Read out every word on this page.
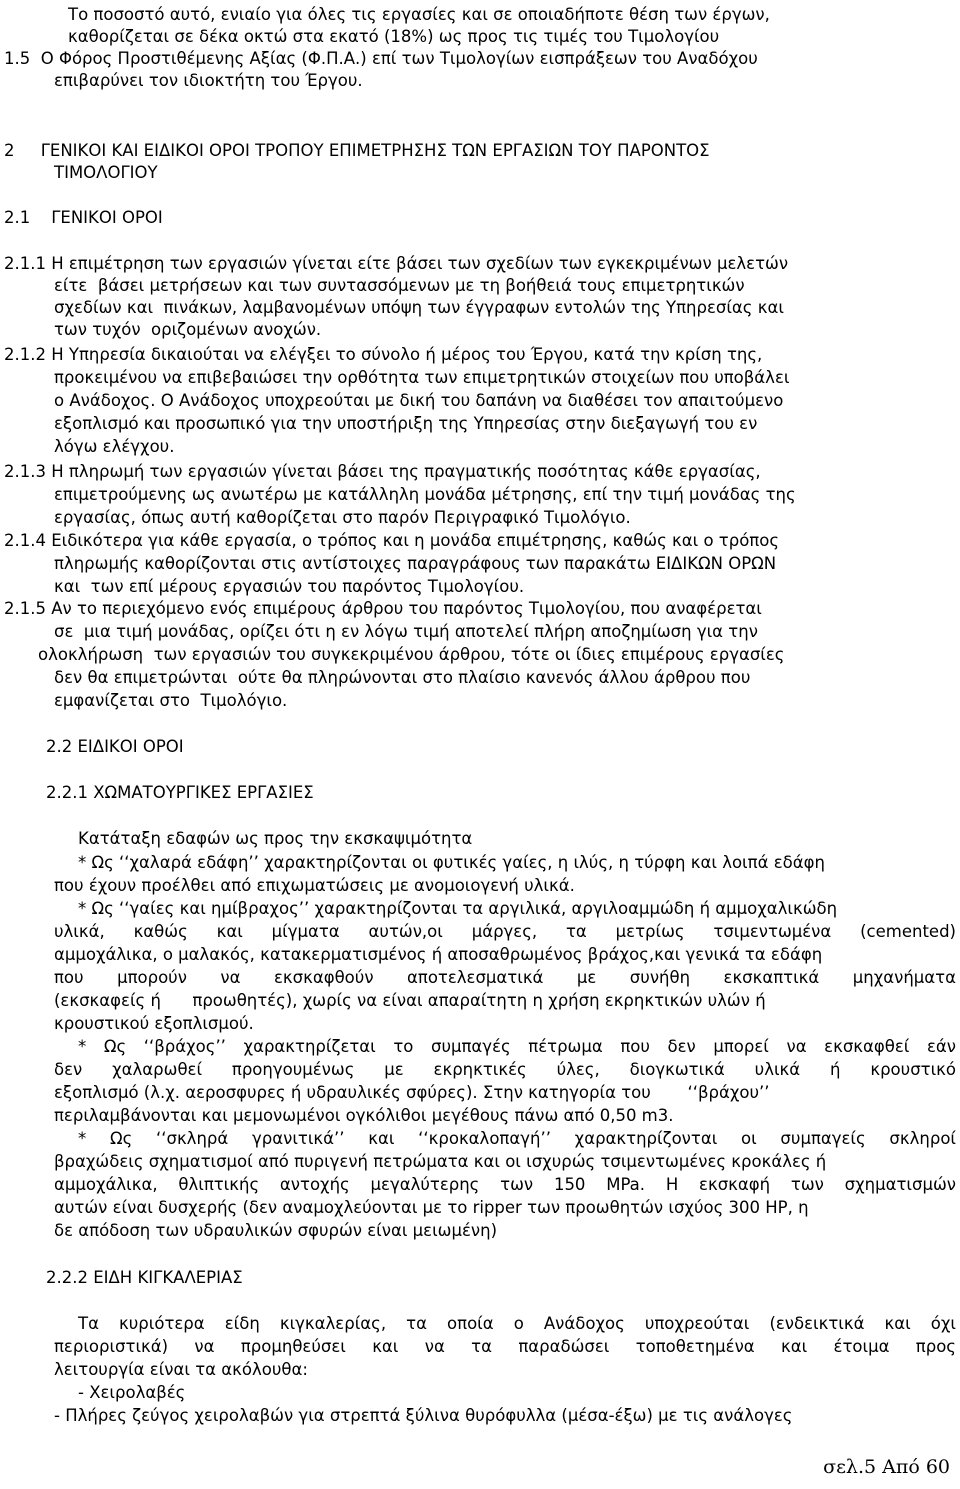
Το ποσοστό αυτό, ενιαίο για όλες τις εργασίες και σε οποιαδήποτε θέση των έργων,
καθορίζεται σε δέκα οκτώ στα εκατό (18%) ως προς τις τιμές του Τιμολογίου
1.5  Ο Φόρος Προστιθέμενης Αξίας (Φ.Π.Α.) επί των Τιμολογίων εισπράξεων του Αναδόχου
επιβαρύνει τον ιδιοκτήτη του Έργου.
2     ΓΕΝΙΚΟΙ ΚΑΙ ΕΙΔΙΚΟΙ ΟΡΟΙ ΤΡΟΠΟΥ ΕΠΙΜΕΤΡΗΣΗΣ ΤΩΝ ΕΡΓΑΣΙΩΝ ΤΟΥ ΠΑΡΟΝΤΟΣ
ΤΙΜΟΛΟΓΙΟΥ
2.1    ΓΕΝΙΚΟΙ ΟΡΟΙ
2.1.1 Η επιμέτρηση των εργασιών γίνεται είτε βάσει των σχεδίων των εγκεκριμένων μελετών
είτε  βάσει μετρήσεων και των συντασσόμενων με τη βοήθειά τους επιμετρητικών
σχεδίων και  πινάκων, λαμβανομένων υπόψη των έγγραφων εντολών της Υπηρεσίας και
των τυχόν  οριζομένων ανοχών.
2.1.2 Η Υπηρεσία δικαιούται να ελέγξει το σύνολο ή μέρος του Έργου, κατά την κρίση της,
προκειμένου να επιβεβαιώσει την ορθότητα των επιμετρητικών στοιχείων που υποβάλει
ο Ανάδοχος. Ο Ανάδοχος υποχρεούται με δική του δαπάνη να διαθέσει τον απαιτούμενο
εξοπλισμό και προσωπικό για την υποστήριξη της Υπηρεσίας στην διεξαγωγή του εν
λόγω ελέγχου.
2.1.3 Η πληρωμή των εργασιών γίνεται βάσει της πραγματικής ποσότητας κάθε εργασίας,
επιμετρούμενης ως ανωτέρω με κατάλληλη μονάδα μέτρησης, επί την τιμή μονάδας της
εργασίας, όπως αυτή καθορίζεται στο παρόν Περιγραφικό Τιμολόγιο.
2.1.4 Ειδικότερα για κάθε εργασία, ο τρόπος και η μονάδα επιμέτρησης, καθώς και ο τρόπος
πληρωμής καθορίζονται στις αντίστοιχες παραγράφους των παρακάτω ΕΙΔΙΚΩΝ ΟΡΩΝ
και  των επί μέρους εργασιών του παρόντος Τιμολογίου.
2.1.5 Αν το περιεχόμενο ενός επιμέρους άρθρου του παρόντος Τιμολογίου, που αναφέρεται
σε  μια τιμή μονάδας, ορίζει ότι η εν λόγω τιμή αποτελεί πλήρη αποζημίωση για την
ολοκλήρωση  των εργασιών του συγκεκριμένου άρθρου, τότε οι ίδιες επιμέρους εργασίες
δεν θα επιμετρώνται  ούτε θα πληρώνονται στο πλαίσιο κανενός άλλου άρθρου που
εμφανίζεται στο  Τιμολόγιο.
2.2 ΕΙΔΙΚΟΙ ΟΡΟΙ
2.2.1 ΧΩΜΑΤΟΥΡΓΙΚΕΣ ΕΡΓΑΣΙΕΣ
Κατάταξη εδαφών ως προς την εκσκαψιμότητα
* Ως ‘‘χαλαρά εδάφη’’ χαρακτηρίζονται οι φυτικές γαίες, η ιλύς, η τύρφη και λοιπά εδάφη
που έχουν προέλθει από επιχωματώσεις με ανομοιογενή υλικά.
* Ως ‘‘γαίες και ημίβραχος’’ χαρακτηρίζονται τα αργιλικά, αργιλοαμμώδη ή αμμοχαλικώδη
υλικά, καθώς και μίγματα αυτών,οι μάργες, τα μετρίως τσιμεντωμένα (cemented)
αμμοχάλικα, ο μαλακός, κατακερματισμένος ή αποσαθρωμένος βράχος,και γενικά τα εδάφη
που μπορούν να εκσκαφθούν αποτελεσματικά με συνήθη εκσκαπτικά μηχανήματα
(εκσκαφείς ή      προωθητές), χωρίς να είναι απαραίτητη η χρήση εκρηκτικών υλών ή
κρουστικού εξοπλισμού.
* Ως ‘‘βράχος’’ χαρακτηρίζεται το συμπαγές πέτρωμα που δεν μπορεί να εκσκαφθεί εάν
δεν χαλαρωθεί προηγουμένως με εκρηκτικές ύλες, διογκωτικά υλικά ή κρουστικό
εξοπλισμό (λ.χ. αεροσφυρες ή υδραυλικές σφύρες). Στην κατηγορία του       ‘‘βράχου’’
περιλαμβάνονται και μεμονωμένοι ογκόλιθοι μεγέθους πάνω από 0,50 m3.
* Ως ‘‘σκληρά γρανιτικά’’ και ‘‘κροκαλοπαγή’’ χαρακτηρίζονται οι συμπαγείς σκληροί
βραχώδεις σχηματισμοί από πυριγενή πετρώματα και οι ισχυρώς τσιμεντωμένες κροκάλες ή
αμμοχάλικα, θλιπτικής αντοχής μεγαλύτερης των 150 MPa. Η εκσκαφή των σχηματισμών
αυτών είναι δυσχερής (δεν αναμοχλεύονται με το ripper των προωθητών ισχύος 300 HP, η
δε απόδοση των υδραυλικών σφυρών είναι μειωμένη)
2.2.2 ΕΙΔΗ ΚΙΓΚΑΛΕΡΙΑΣ
Τα κυριότερα είδη κιγκαλερίας, τα οποία ο Ανάδοχος υποχρεούται (ενδεικτικά και όχι
περιοριστικά) να προμηθεύσει και να τα παραδώσει τοποθετημένα και έτοιμα προς
λειτουργία είναι τα ακόλουθα:
- Χειρολαβές
- Πλήρες ζεύγος χειρολαβών για στρεπτά ξύλινα θυρόφυλλα (μέσα-έξω) με τις ανάλογες
σελ.5 Από 60
